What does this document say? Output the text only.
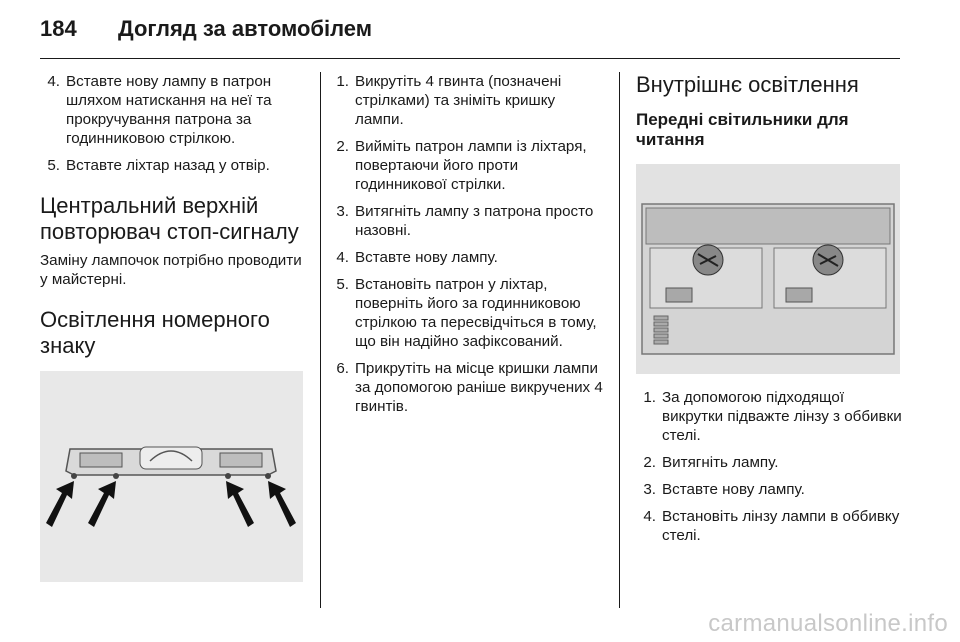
184 Догляд за автомобілем
4. Вставте нову лампу в патрон шляхом натискання на неї та прокручування патрона за годинниковою стрілкою.
5. Вставте ліхтар назад у отвір.
Центральний верхній повторювач стоп-сигналу
Заміну лампочок потрібно проводити у майстерні.
Освітлення номерного знаку
1. Викрутіть 4 гвинта (позначені стрілками) та зніміть кришку лампи.
2. Вийміть патрон лампи із ліхтаря, повертаючи його проти годинникової стрілки.
3. Витягніть лампу з патрона просто назовні.
4. Вставте нову лампу.
5. Встановіть патрон у ліхтар, поверніть його за годинниковою стрілкою та пересвідчіться в тому, що він надійно зафіксований.
6. Прикрутіть на місце кришки лампи за допомогою раніше викручених 4 гвинтів.
Внутрішнє освітлення
Передні світильники для читання
1. За допомогою підходящої викрутки підважте лінзу з оббивки стелі.
2. Витягніть лампу.
3. Вставте нову лампу.
4. Встановіть лінзу лампи в оббивку стелі.
carmanualsonline.info
